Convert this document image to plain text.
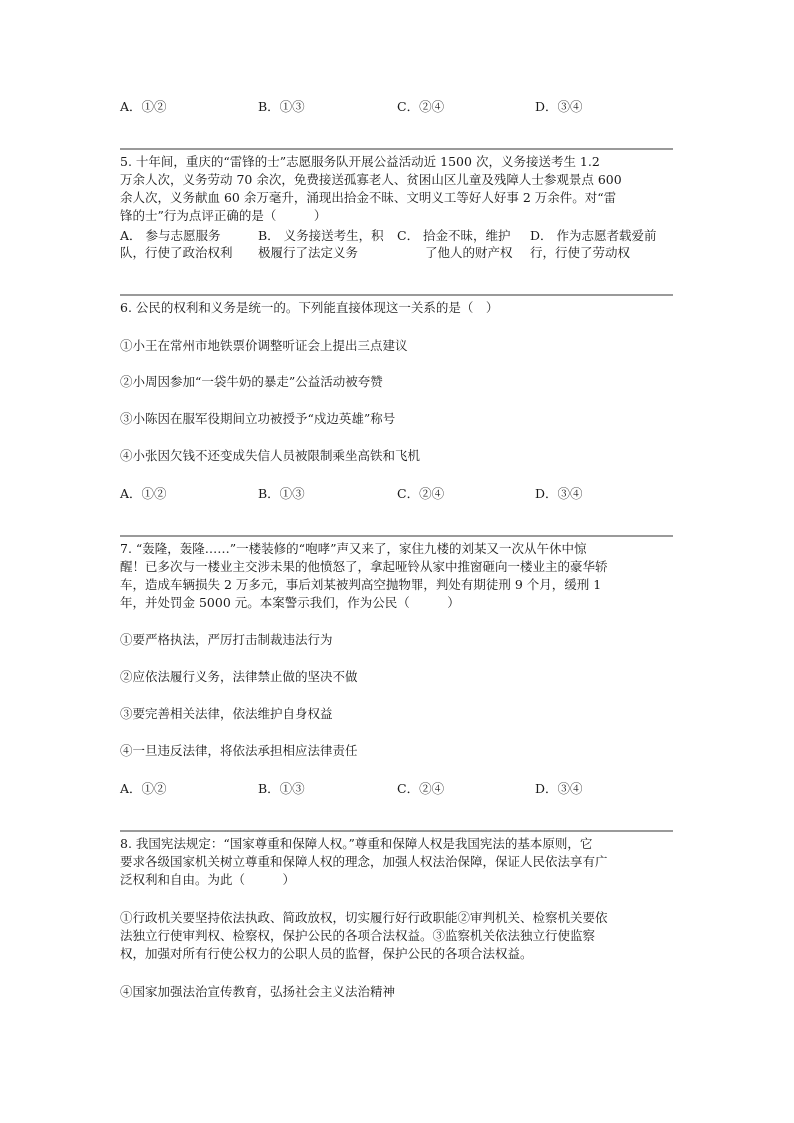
A．①②	B．①③	C．②④	D．③④
5. 十年间，重庆的“雷锋的士”志愿服务队开展公益活动近 1500 次，义务接送考生 1.2
万余人次，义务劳动 70 余次，免费接送孤寡老人、贫困山区儿童及残障人士参观景点 600
余人次，义务献血 60 余万毫升，涌现出拾金不昧、文明义工等好人好事 2 万余件。对“雷
锋的士”行为点评正确的是（　　　）
A． 参与志愿服务
队，行使了政治权利
B． 义务接送考生，积
极履行了法定义务
C． 拾金不昧，维护
了他人的财产权
D． 作为志愿者载爱前
行，行使了劳动权
6. 公民的权利和义务是统一的。下列能直接体现这一关系的是（　）
①小王在常州市地铁票价调整听证会上提出三点建议
②小周因参加“一袋牛奶的暴走”公益活动被夸赞
③小陈因在服军役期间立功被授予“戍边英雄”称号
④小张因欠钱不还变成失信人员被限制乘坐高铁和飞机
A．①②	B．①③	C．②④	D．③④
7. “轰隆，轰隆……”一楼装修的“咆哮”声又来了，家住九楼的刘某又一次从午休中惊
醒！已多次与一楼业主交涉未果的他愤怒了，拿起哑铃从家中推窗砸向一楼业主的豪华轿
车，造成车辆损失 2 万多元，事后刘某被判高空抛物罪，判处有期徒刑 9 个月，缓刑 1
年，并处罚金 5000 元。本案警示我们，作为公民（　　　）
①要严格执法，严厉打击制裁违法行为
②应依法履行义务，法律禁止做的坚决不做
③要完善相关法律，依法维护自身权益
④一旦违反法律，将依法承担相应法律责任
A．①②	B．①③	C．②④	D．③④
8. 我国宪法规定：“国家尊重和保障人权。”尊重和保障人权是我国宪法的基本原则，它
要求各级国家机关树立尊重和保障人权的理念，加强人权法治保障，保证人民依法享有广
泛权利和自由。为此（　　　）
①行政机关要坚持依法执政、简政放权，切实履行好行政职能②审判机关、检察机关要依
法独立行使审判权、检察权，保护公民的各项合法权益。③监察机关依法独立行使监察
权，加强对所有行使公权力的公职人员的监督，保护公民的各项合法权益。
④国家加强法治宣传教育，弘扬社会主义法治精神
